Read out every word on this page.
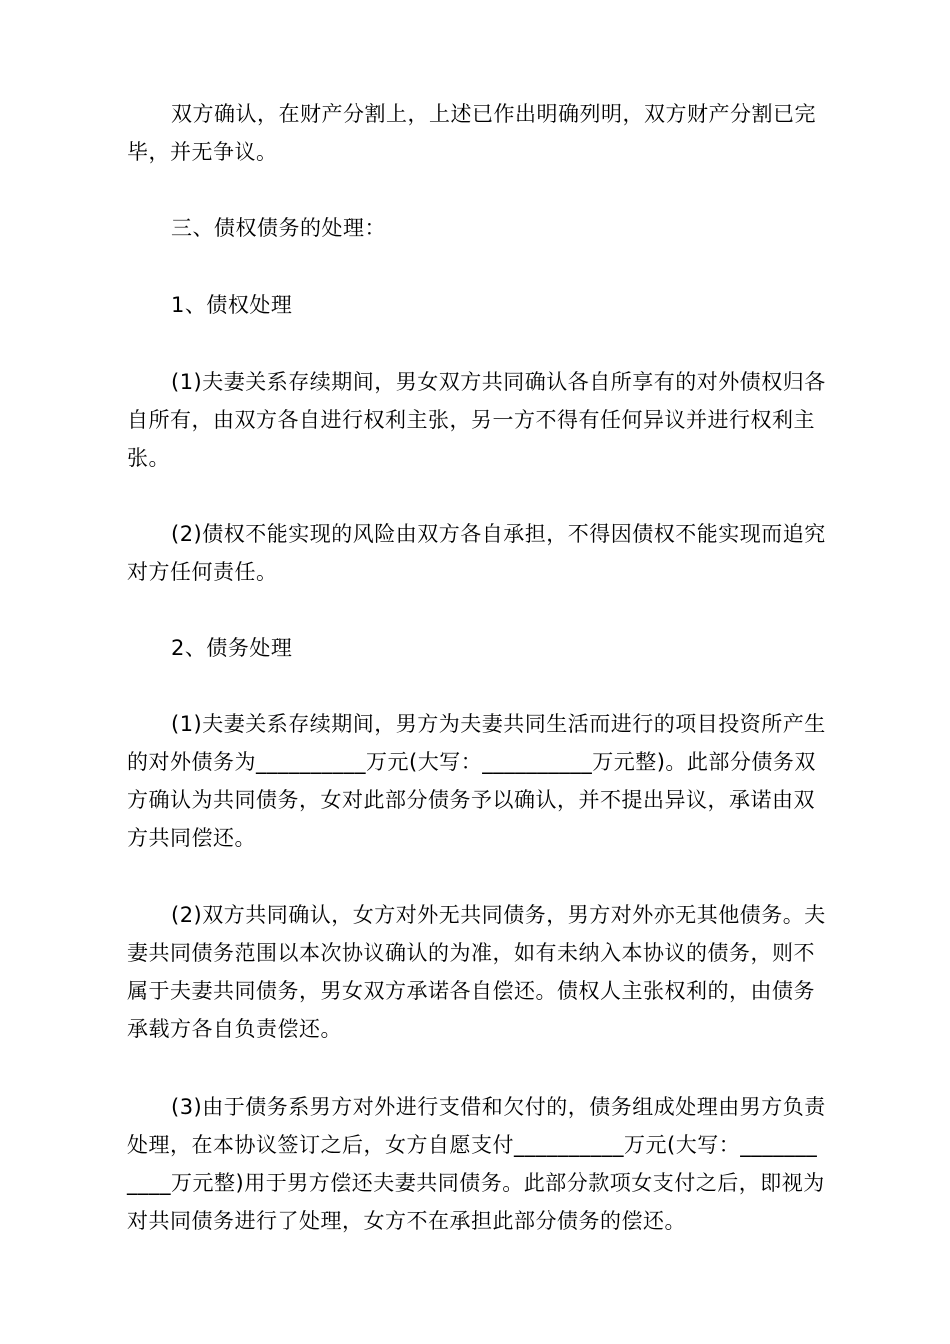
双方确认，在财产分割上，上述已作出明确列明，双方财产分割已完毕，并无争议。

三、债权债务的处理：

1、债权处理

(1)夫妻关系存续期间，男女双方共同确认各自所享有的对外债权归各自所有，由双方各自进行权利主张，另一方不得有任何异议并进行权利主张。

(2)债权不能实现的风险由双方各自承担，不得因债权不能实现而追究对方任何责任。

2、债务处理

(1)夫妻关系存续期间，男方为夫妻共同生活而进行的项目投资所产生的对外债务为__________万元(大写：__________万元整)。此部分债务双方确认为共同债务，女对此部分债务予以确认，并不提出异议，承诺由双方共同偿还。

(2)双方共同确认，女方对外无共同债务，男方对外亦无其他债务。夫妻共同债务范围以本次协议确认的为准，如有未纳入本协议的债务，则不属于夫妻共同债务，男女双方承诺各自偿还。债权人主张权利的，由债务承载方各自负责偿还。

(3)由于债务系男方对外进行支借和欠付的，债务组成处理由男方负责处理，在本协议签订之后，女方自愿支付__________万元(大写：___________万元整)用于男方偿还夫妻共同债务。此部分款项女支付之后，即视为对共同债务进行了处理，女方不在承担此部分债务的偿还。
